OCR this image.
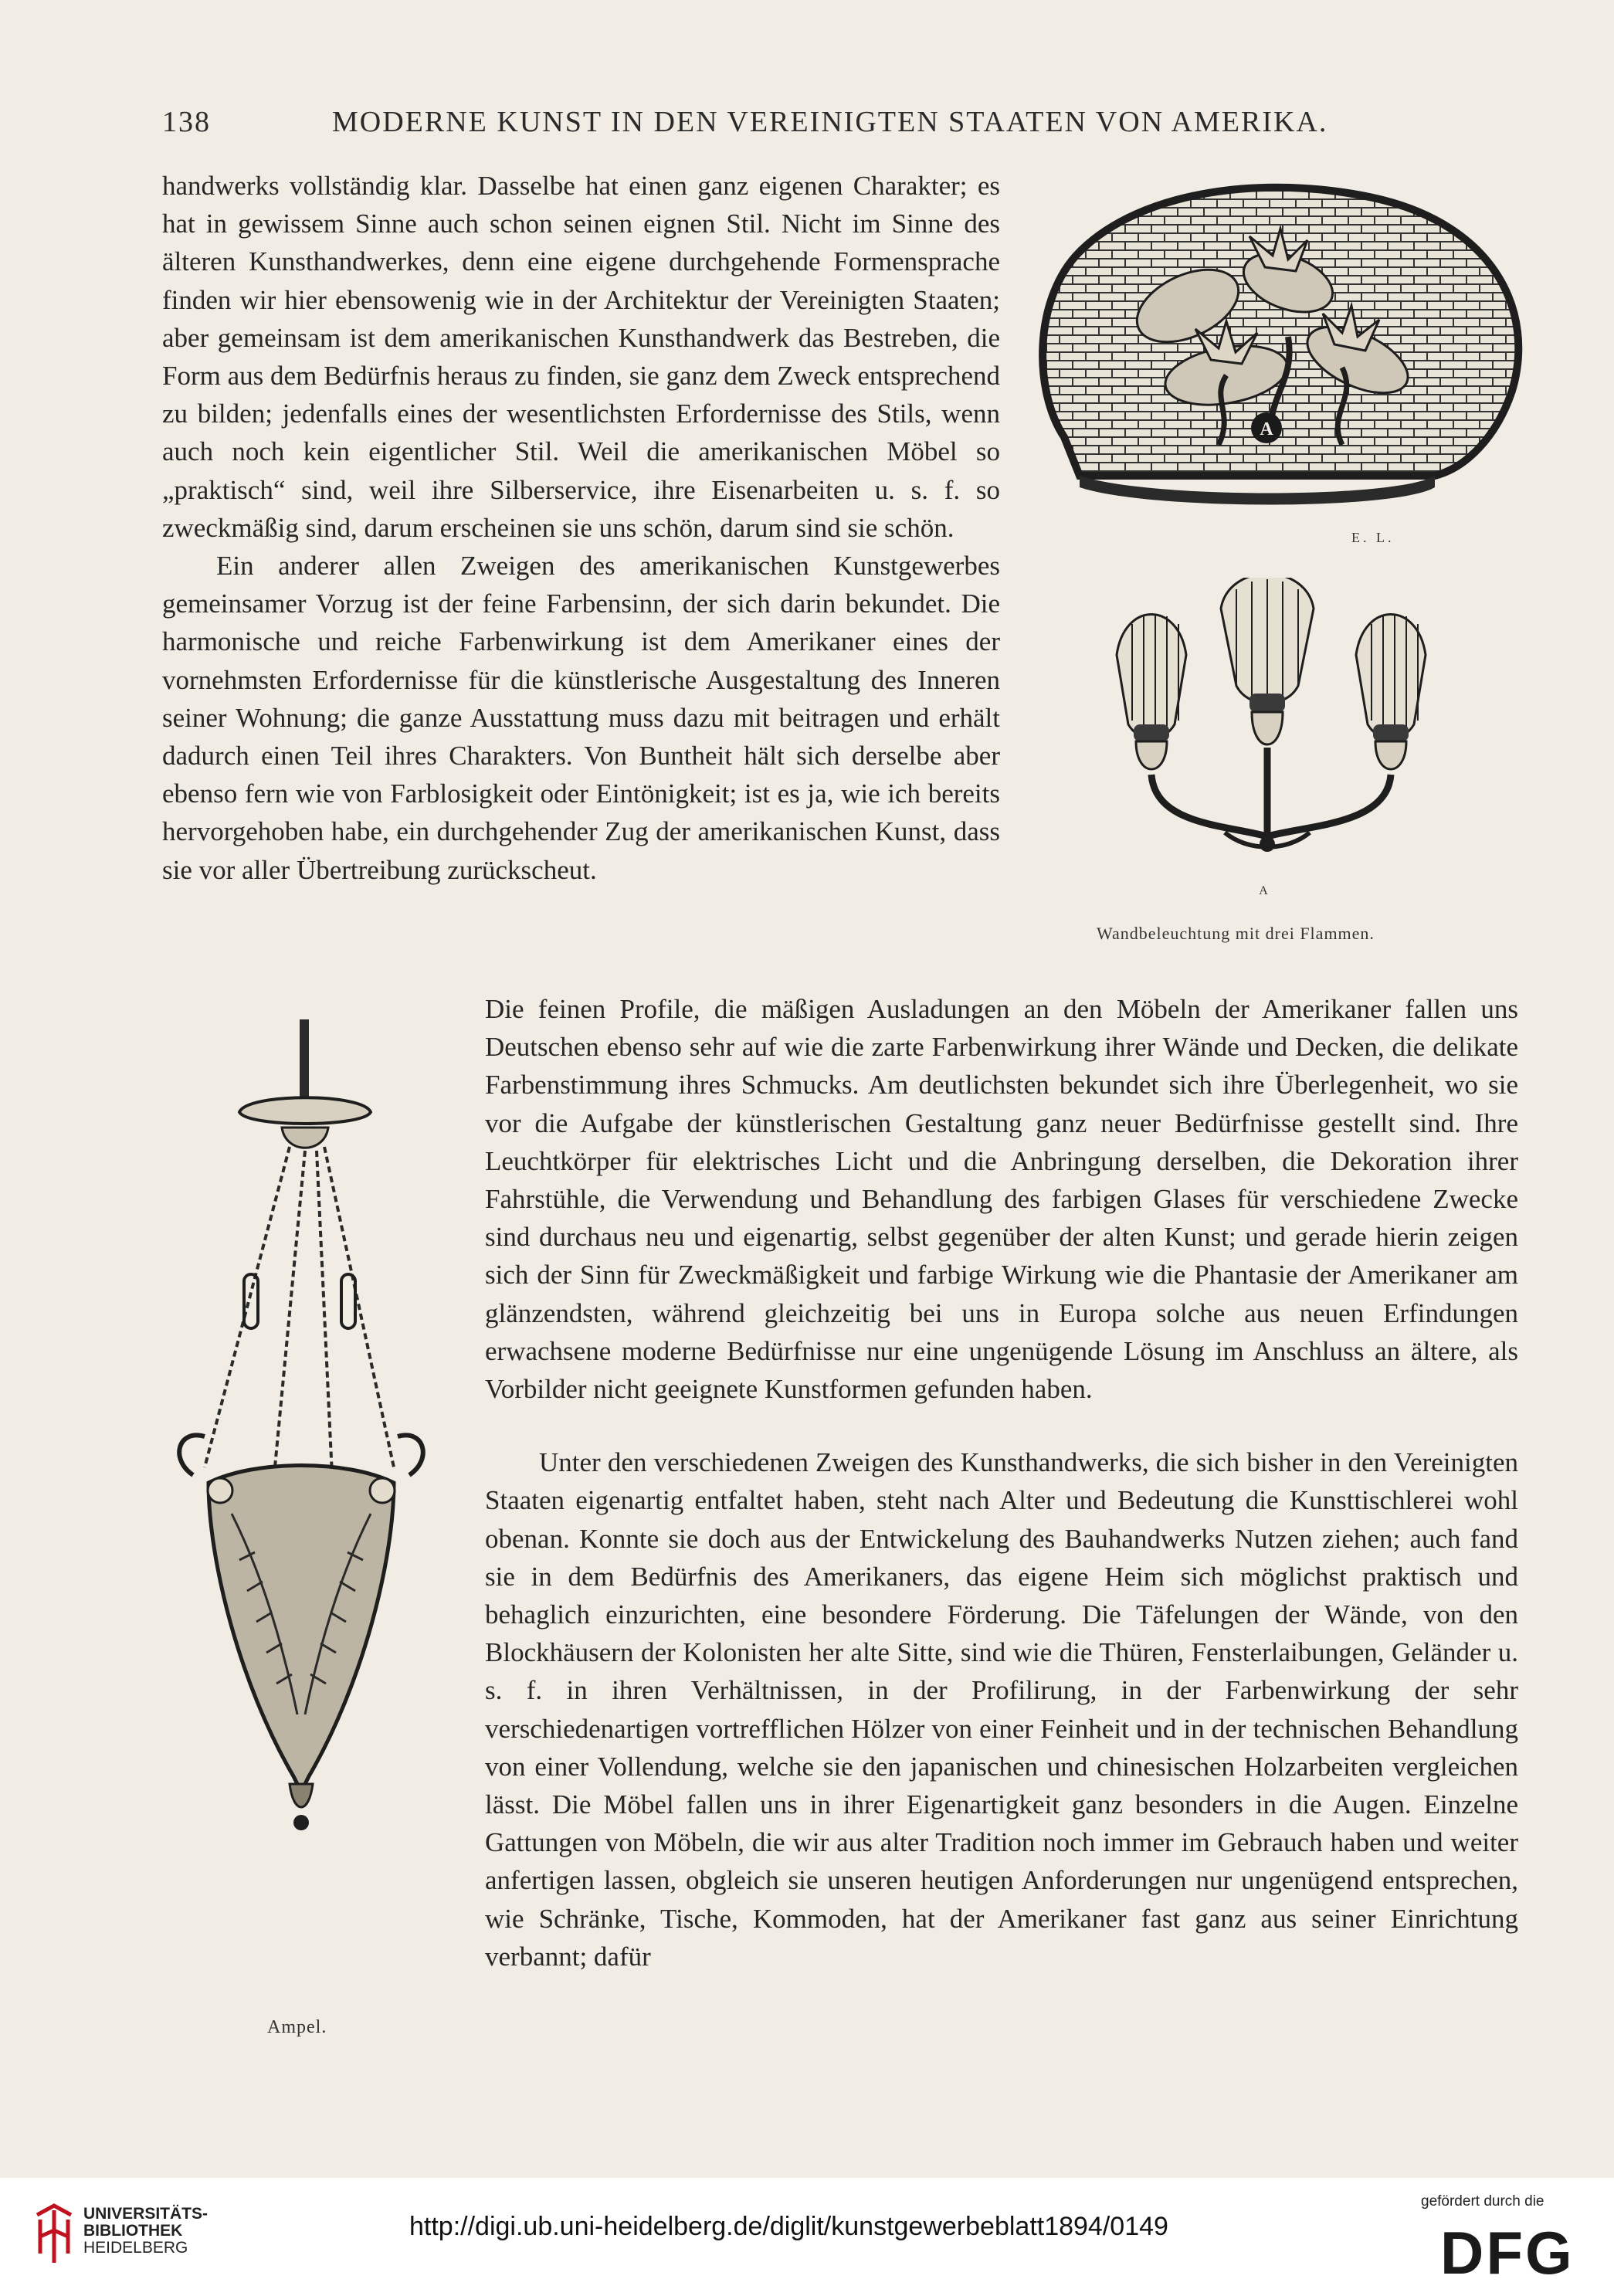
138	MODERNE KUNST IN DEN VEREINIGTEN STAATEN VON AMERIKA.

handwerks vollständig klar. Dasselbe hat einen ganz eigenen Charakter; es hat in gewissem Sinne auch schon seinen eignen Stil. Nicht im Sinne des älteren Kunsthandwerkes, denn eine eigene durchgehende Formensprache finden wir hier ebensowenig wie in der Architektur der Vereinigten Staaten; aber gemeinsam ist dem amerikanischen Kunsthandwerk das Bestreben, die Form aus dem Bedürfnis heraus zu finden, sie ganz dem Zweck entsprechend zu bilden; jedenfalls eines der wesentlichsten Erfordernisse des Stils, wenn auch noch kein eigentlicher Stil. Weil die amerikanischen Möbel so „praktisch“ sind, weil ihre Silberservice, ihre Eisenarbeiten u. s. f. so zweckmäßig sind, darum erscheinen sie uns schön, darum sind sie schön.

Ein anderer allen Zweigen des amerikanischen Kunstgewerbes gemeinsamer Vorzug ist der feine Farbensinn, der sich darin bekundet. Die harmonische und reiche Farbenwirkung ist dem Amerikaner eines der vornehmsten Erfordernisse für die künstlerische Ausgestaltung des Inneren seiner Wohnung; die ganze Ausstattung muss dazu mit beitragen und erhält dadurch einen Teil ihres Charakters. Von Buntheit hält sich derselbe aber ebenso fern wie von Farblosigkeit oder Eintönigkeit; ist es ja, wie ich bereits hervorgehoben habe, ein durchgehender Zug der amerikanischen Kunst, dass sie vor aller Übertreibung zurückscheut.

A
E. L.
A
Wandbeleuchtung mit drei Flammen.
Ampel.

Die feinen Profile, die mäßigen Ausladungen an den Möbeln der Amerikaner fallen uns Deutschen ebenso sehr auf wie die zarte Farbenwirkung ihrer Wände und Decken, die delikate Farbenstimmung ihres Schmucks. Am deutlichsten bekundet sich ihre Überlegenheit, wo sie vor die Aufgabe der künstlerischen Gestaltung ganz neuer Bedürfnisse gestellt sind. Ihre Leuchtkörper für elektrisches Licht und die Anbringung derselben, die Dekoration ihrer Fahrstühle, die Verwendung und Behandlung des farbigen Glases für verschiedene Zwecke sind durchaus neu und eigenartig, selbst gegenüber der alten Kunst; und gerade hierin zeigen sich der Sinn für Zweckmäßigkeit und farbige Wirkung wie die Phantasie der Amerikaner am glänzendsten, während gleichzeitig bei uns in Europa solche aus neuen Erfindungen erwachsene moderne Bedürfnisse nur eine ungenügende Lösung im Anschluss an ältere, als Vorbilder nicht geeignete Kunstformen gefunden haben.

Unter den verschiedenen Zweigen des Kunsthandwerks, die sich bisher in den Vereinigten Staaten eigenartig entfaltet haben, steht nach Alter und Bedeutung die Kunsttischlerei wohl obenan. Konnte sie doch aus der Entwickelung des Bauhandwerks Nutzen ziehen; auch fand sie in dem Bedürfnis des Amerikaners, das eigene Heim sich möglichst praktisch und behaglich einzurichten, eine besondere Förderung. Die Täfelungen der Wände, von den Blockhäusern der Kolonisten her alte Sitte, sind wie die Thüren, Fensterlaibungen, Geländer u. s. f. in ihren Verhältnissen, in der Profilirung, in der Farbenwirkung der sehr verschiedenartigen vortrefflichen Hölzer von einer Feinheit und in der technischen Behandlung von einer Vollendung, welche sie den japanischen und chinesischen Holzarbeiten vergleichen lässt. Die Möbel fallen uns in ihrer Eigenartigkeit ganz besonders in die Augen. Einzelne Gattungen von Möbeln, die wir aus alter Tradition noch immer im Gebrauch haben und weiter anfertigen lassen, obgleich sie unseren heutigen Anforderungen nur ungenügend entsprechen, wie Schränke, Tische, Kommoden, hat der Amerikaner fast ganz aus seiner Einrichtung verbannt; dafür

UNIVERSITÄTS-
BIBLIOTHEK
HEIDELBERG
http://digi.ub.uni-heidelberg.de/diglit/kunstgewerbeblatt1894/0149
gefördert durch die
DFG
